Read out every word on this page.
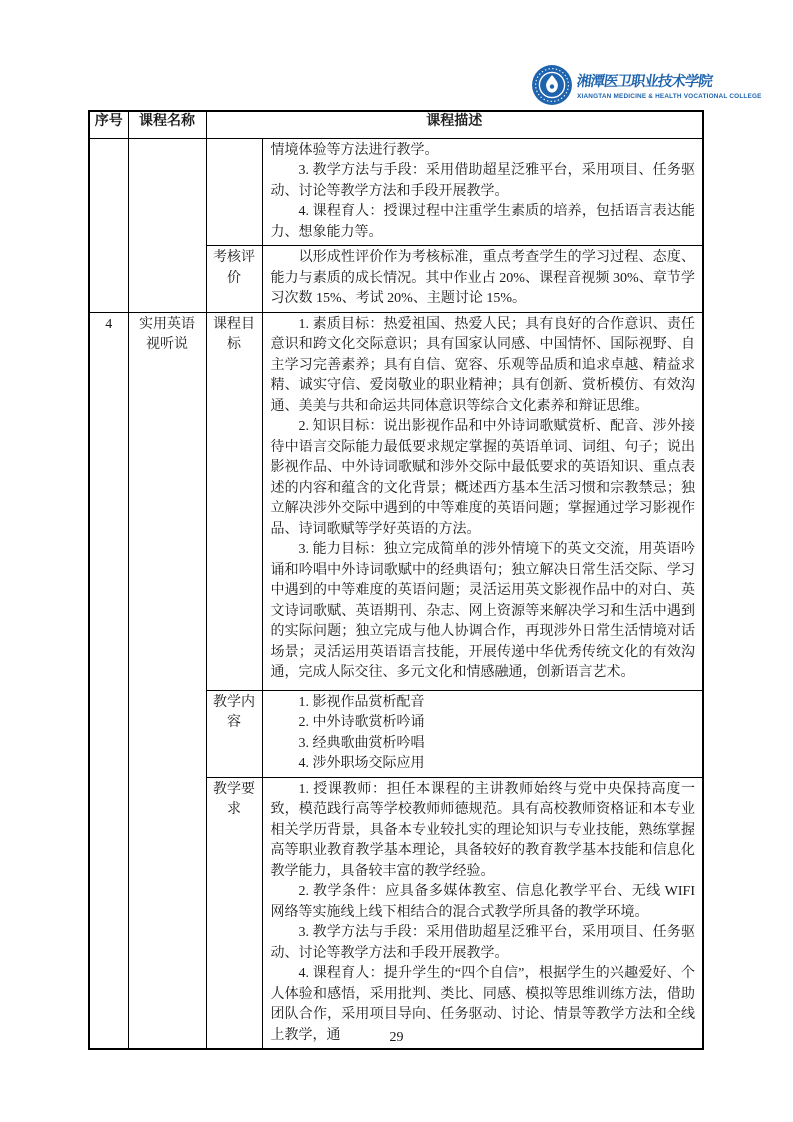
湘潭医卫职业技术学院
XIANGTAN MEDICINE & HEALTH VOCATIONAL COLLEGE
序号	课程名称	课程描述	

			情境体验等方法进行教学。

3. 教学方法与手段：采用借助超星泛雅平台，采用项目、任务驱动、讨论等教学方法和手段开展教学。

4. 课程育人：授课过程中注重学生素质的培养，包括语言表达能力、想象能力等。

		考核评价	以形成性评价作为考核标准，重点考查学生的学习过程、态度、能力与素质的成长情况。其中作业占 20%、课程音视频 30%、章节学习次数 15%、考试 20%、主题讨论 15%。

4	实用英语视听说	课程目标	1. 素质目标：热爱祖国、热爱人民；具有良好的合作意识、责任意识和跨文化交际意识；具有国家认同感、中国情怀、国际视野、自主学习完善素养；具有自信、宽容、乐观等品质和追求卓越、精益求精、诚实守信、爱岗敬业的职业精神；具有创新、赏析模仿、有效沟通、美美与共和命运共同体意识等综合文化素养和辩证思维。

2. 知识目标：说出影视作品和中外诗词歌赋赏析、配音、涉外接待中语言交际能力最低要求规定掌握的英语单词、词组、句子；说出影视作品、中外诗词歌赋和涉外交际中最低要求的英语知识、重点表述的内容和蕴含的文化背景；概述西方基本生活习惯和宗教禁忌；独立解决涉外交际中遇到的中等难度的英语问题；掌握通过学习影视作品、诗词歌赋等学好英语的方法。

3. 能力目标：独立完成简单的涉外情境下的英文交流，用英语吟诵和吟唱中外诗词歌赋中的经典语句；独立解决日常生活交际、学习中遇到的中等难度的英语问题；灵活运用英文影视作品中的对白、英文诗词歌赋、英语期刊、杂志、网上资源等来解决学习和生活中遇到的实际问题；独立完成与他人协调合作，再现涉外日常生活情境对话场景；灵活运用英语语言技能，开展传递中华优秀传统文化的有效沟通，完成人际交往、多元文化和情感融通，创新语言艺术。

		教学内容	1. 影视作品赏析配音
2. 中外诗歌赏析吟诵
3. 经典歌曲赏析吟唱
4. 涉外职场交际应用

		教学要求	1. 授课教师：担任本课程的主讲教师始终与党中央保持高度一致，模范践行高等学校教师师德规范。具有高校教师资格证和本专业相关学历背景，具备本专业较扎实的理论知识与专业技能，熟练掌握高等职业教育教学基本理论，具备较好的教育教学基本技能和信息化教学能力，具备较丰富的教学经验。

2. 教学条件：应具备多媒体教室、信息化教学平台、无线 WIFI 网络等实施线上线下相结合的混合式教学所具备的教学环境。

3. 教学方法与手段：采用借助超星泛雅平台，采用项目、任务驱动、讨论等教学方法和手段开展教学。

4. 课程育人：提升学生的“四个自信”，根据学生的兴趣爱好、个人体验和感悟，采用批判、类比、同感、模拟等思维训练方法，借助团队合作，采用项目导向、任务驱动、讨论、情景等教学方法和全线上教学，通	29
